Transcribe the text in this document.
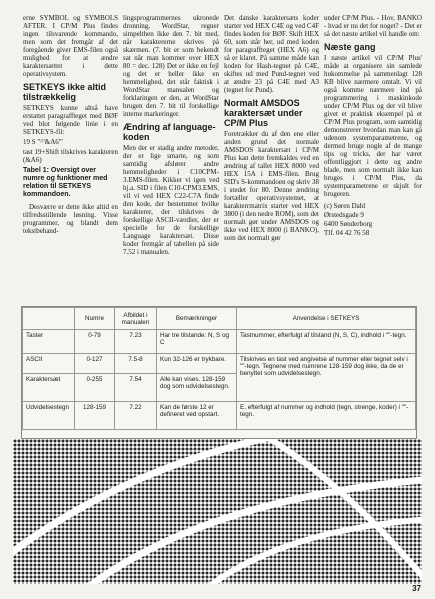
erne SYMBOL og SYMBOLS AFTER. I CP/M Plus findes ingen tilsvarende kommando, men som det fremgår af det foregående giver EMS-filen også mulighed for at ændre karaktersættet i dette operativsystem.

SETKEYS ikke altid tilstrækkelig

SETKEYS kunne altså have erstattet paragraffteget med BØF ved blot følgende linie i en SETKEYS-fil:

19 S "^'&A6'"

tast 19+Shift tilskrives karakteren (&A6)

Tabel 1: Oversigt over numre og funktioner med relation til SETKEYS kommandoen.

Desværre er dette ikke altid en tilfredsstillende løsning. Visse programmer, og blandt dem tekstbehand-

lingsprogrammernes ukronede dronning, WordStar, regner simpelthen ikke den 7. bit med, når karaktererne skrives på skærmen. (7. bit er som bekendt sat når man kommer over HEX 80 = dec. 128) Det er ikke en fejl og det er heller ikke en hemmelighed, det står faktisk i WordStar manualen og forklaringen er den, at WordStar brugen den 7. bit til forskellige interne markeringer.

Ændring af language-koden

Men der er stadig andre metoder, der er lige smarte, og som samtidig afslører andre hemmeligheder i C10CPM-3.EMS-filen. Kikker vi igen ved hj.a. SID i filen C10-CPM3.EMS, vil vi ved HEX C22-C7A finde den kode, der bestemmer hvilke karakterer, der tilskrives de forskellige ASCII-værdier, der er specielle for de forskellige Language karaktersæt. Disse koder fremgår af tabellen på side 7.52 i manualen.

Det danske karaktersæts koder starter ved HEX C4E og ved C4F findes koden for BØF. Skift HEX 60, som står her, ud med koden for paragraffteget (HEX A6) og så er klaret. På samme måde kan koden for Hash-tegnet på C4E, skiftes ud med Pund-tegnet ved at ændre 23 på C4E med A3 (tegnet for Pund).

Normalt AMSDOS karaktersæt under CP/M Plus

Foretrækker du af den ene eller anden grund det normale AMSDOS karaktersæt i CP/M Plus kan dette fremkaldes ved en ændring af tallet HEX 8000 ved HEX 15A i EMS-filen. Brug SID's S-kommandoen og skriv 38 i stedet for 80. Denne ændring fortæller operativsystemet, at karakterrmatrix starter ved HEX 3800 (i den nedre ROM), som det normalt gør under AMSDOS og ikke ved HEX 8000 (i BANKO), som det normalt gør

under CP/M Plus. - Hov, BANKO - hvad er nu det for noget? - Det er så det næste artikel vil handle om:

Næste gang

I næste artikel vil CP/M Plus' måde at organisere sin samlede hukommelse på sammenlagt 128 KB blive nærmere omtalt. Vi vil også komme nærmere ind på programmering i maskinkode under CP/M Plus og der vil blive givet et praktisk eksempel på et CP/M Plus program, som samtidig demonstrerer hvordan man kan gå udenom systemparametrene, og dermed bruge nogle af de mange tips og tricks, der har været offentliggjort i dette og andre blade, men som normalt ikke kan bruges i CP/M Plus, da systemparametrene er skjult for brugeren.

(c) Søren Dahl
Ørstedsgade 9
6400 Sønderborg
Tlf. 04 42 76 58
	Numre	Afbildet i manualen	Bemærkninger	Anvendelse i SETKEYS
Taster	0-79	7.23	Har tre tilstande: N, S og C	Tastnummer, efterfulgt af tilstand (N, S, C), indhold i ""-tegn.
ASCII	0-127	7.5-8	Kun 32-126 er trykbare.	Tilskrives en tast ved angivelse af nummer eller tegnet selv i ""-tegn. Tegnene med numrene 128-159 dog ikke, da de er benyttet som udvidelsestegn.
Karaktersæt	0-255	7.54	Alle kan vises. 128-159 dog som udvidelsestegn.	
Udvidelsestegn	128-159	7.22	Kan de første 12 er defineret ved opstart.	E, efterfulgt af nummer og indhold (tegn, strenge, koder) i ""-tegn.
37
